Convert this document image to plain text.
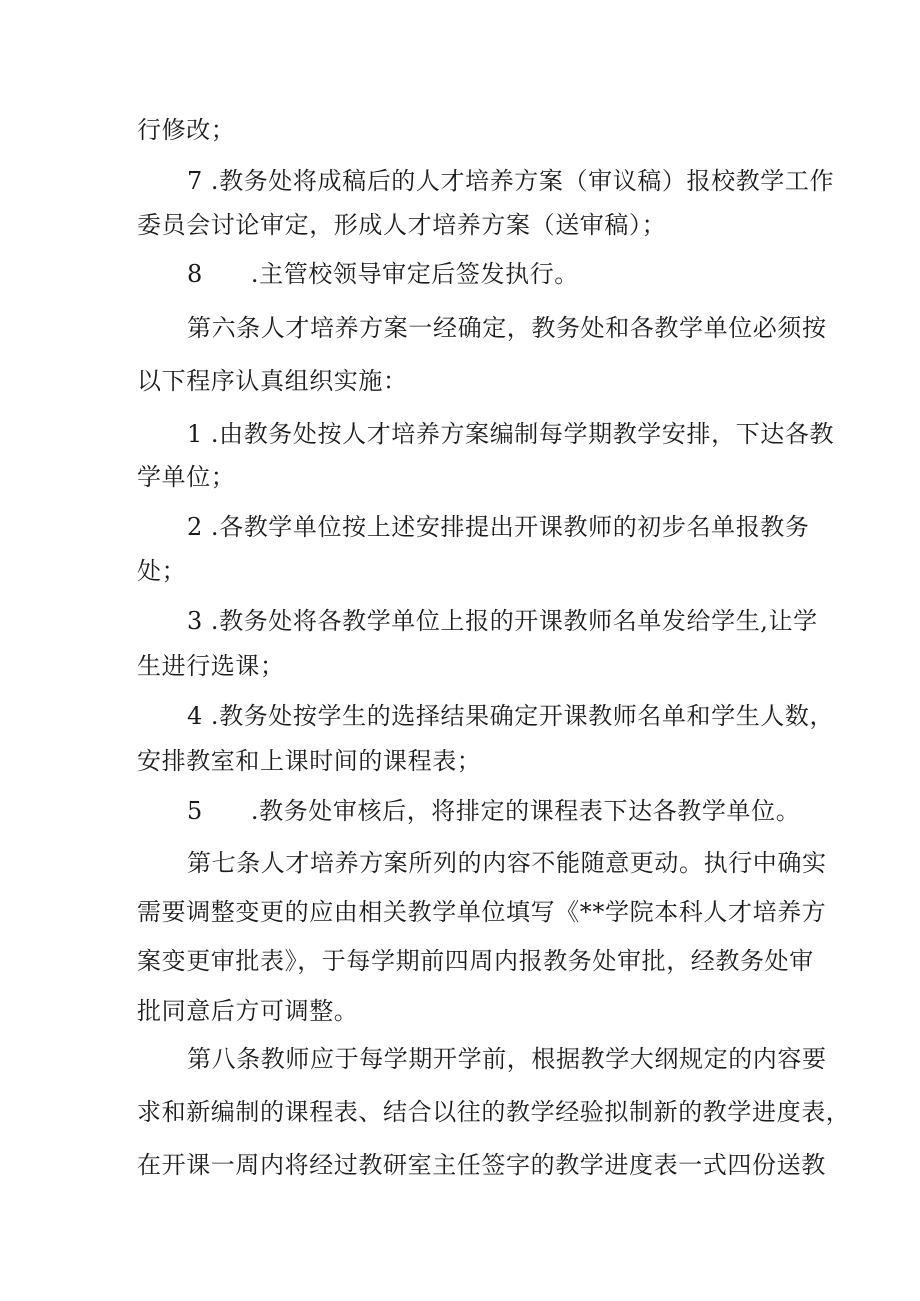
行修改；
7 .教务处将成稿后的人才培养方案（审议稿）报校教学工作
委员会讨论审定，形成人才培养方案（送审稿）；
8 .主管校领导审定后签发执行。
第六条人才培养方案一经确定，教务处和各教学单位必须按
以下程序认真组织实施：
1 .由教务处按人才培养方案编制每学期教学安排，下达各教
学单位；
2 .各教学单位按上述安排提出开课教师的初步名单报教务
处；
3 .教务处将各教学单位上报的开课教师名单发给学生,让学
生进行选课；
4 .教务处按学生的选择结果确定开课教师名单和学生人数，
安排教室和上课时间的课程表；
5 .教务处审核后，将排定的课程表下达各教学单位。
第七条人才培养方案所列的内容不能随意更动。执行中确实
需要调整变更的应由相关教学单位填写《**学院本科人才培养方
案变更审批表》，于每学期前四周内报教务处审批，经教务处审
批同意后方可调整。
第八条教师应于每学期开学前，根据教学大纲规定的内容要
求和新编制的课程表、结合以往的教学经验拟制新的教学进度表，
在开课一周内将经过教研室主任签字的教学进度表一式四份送教
